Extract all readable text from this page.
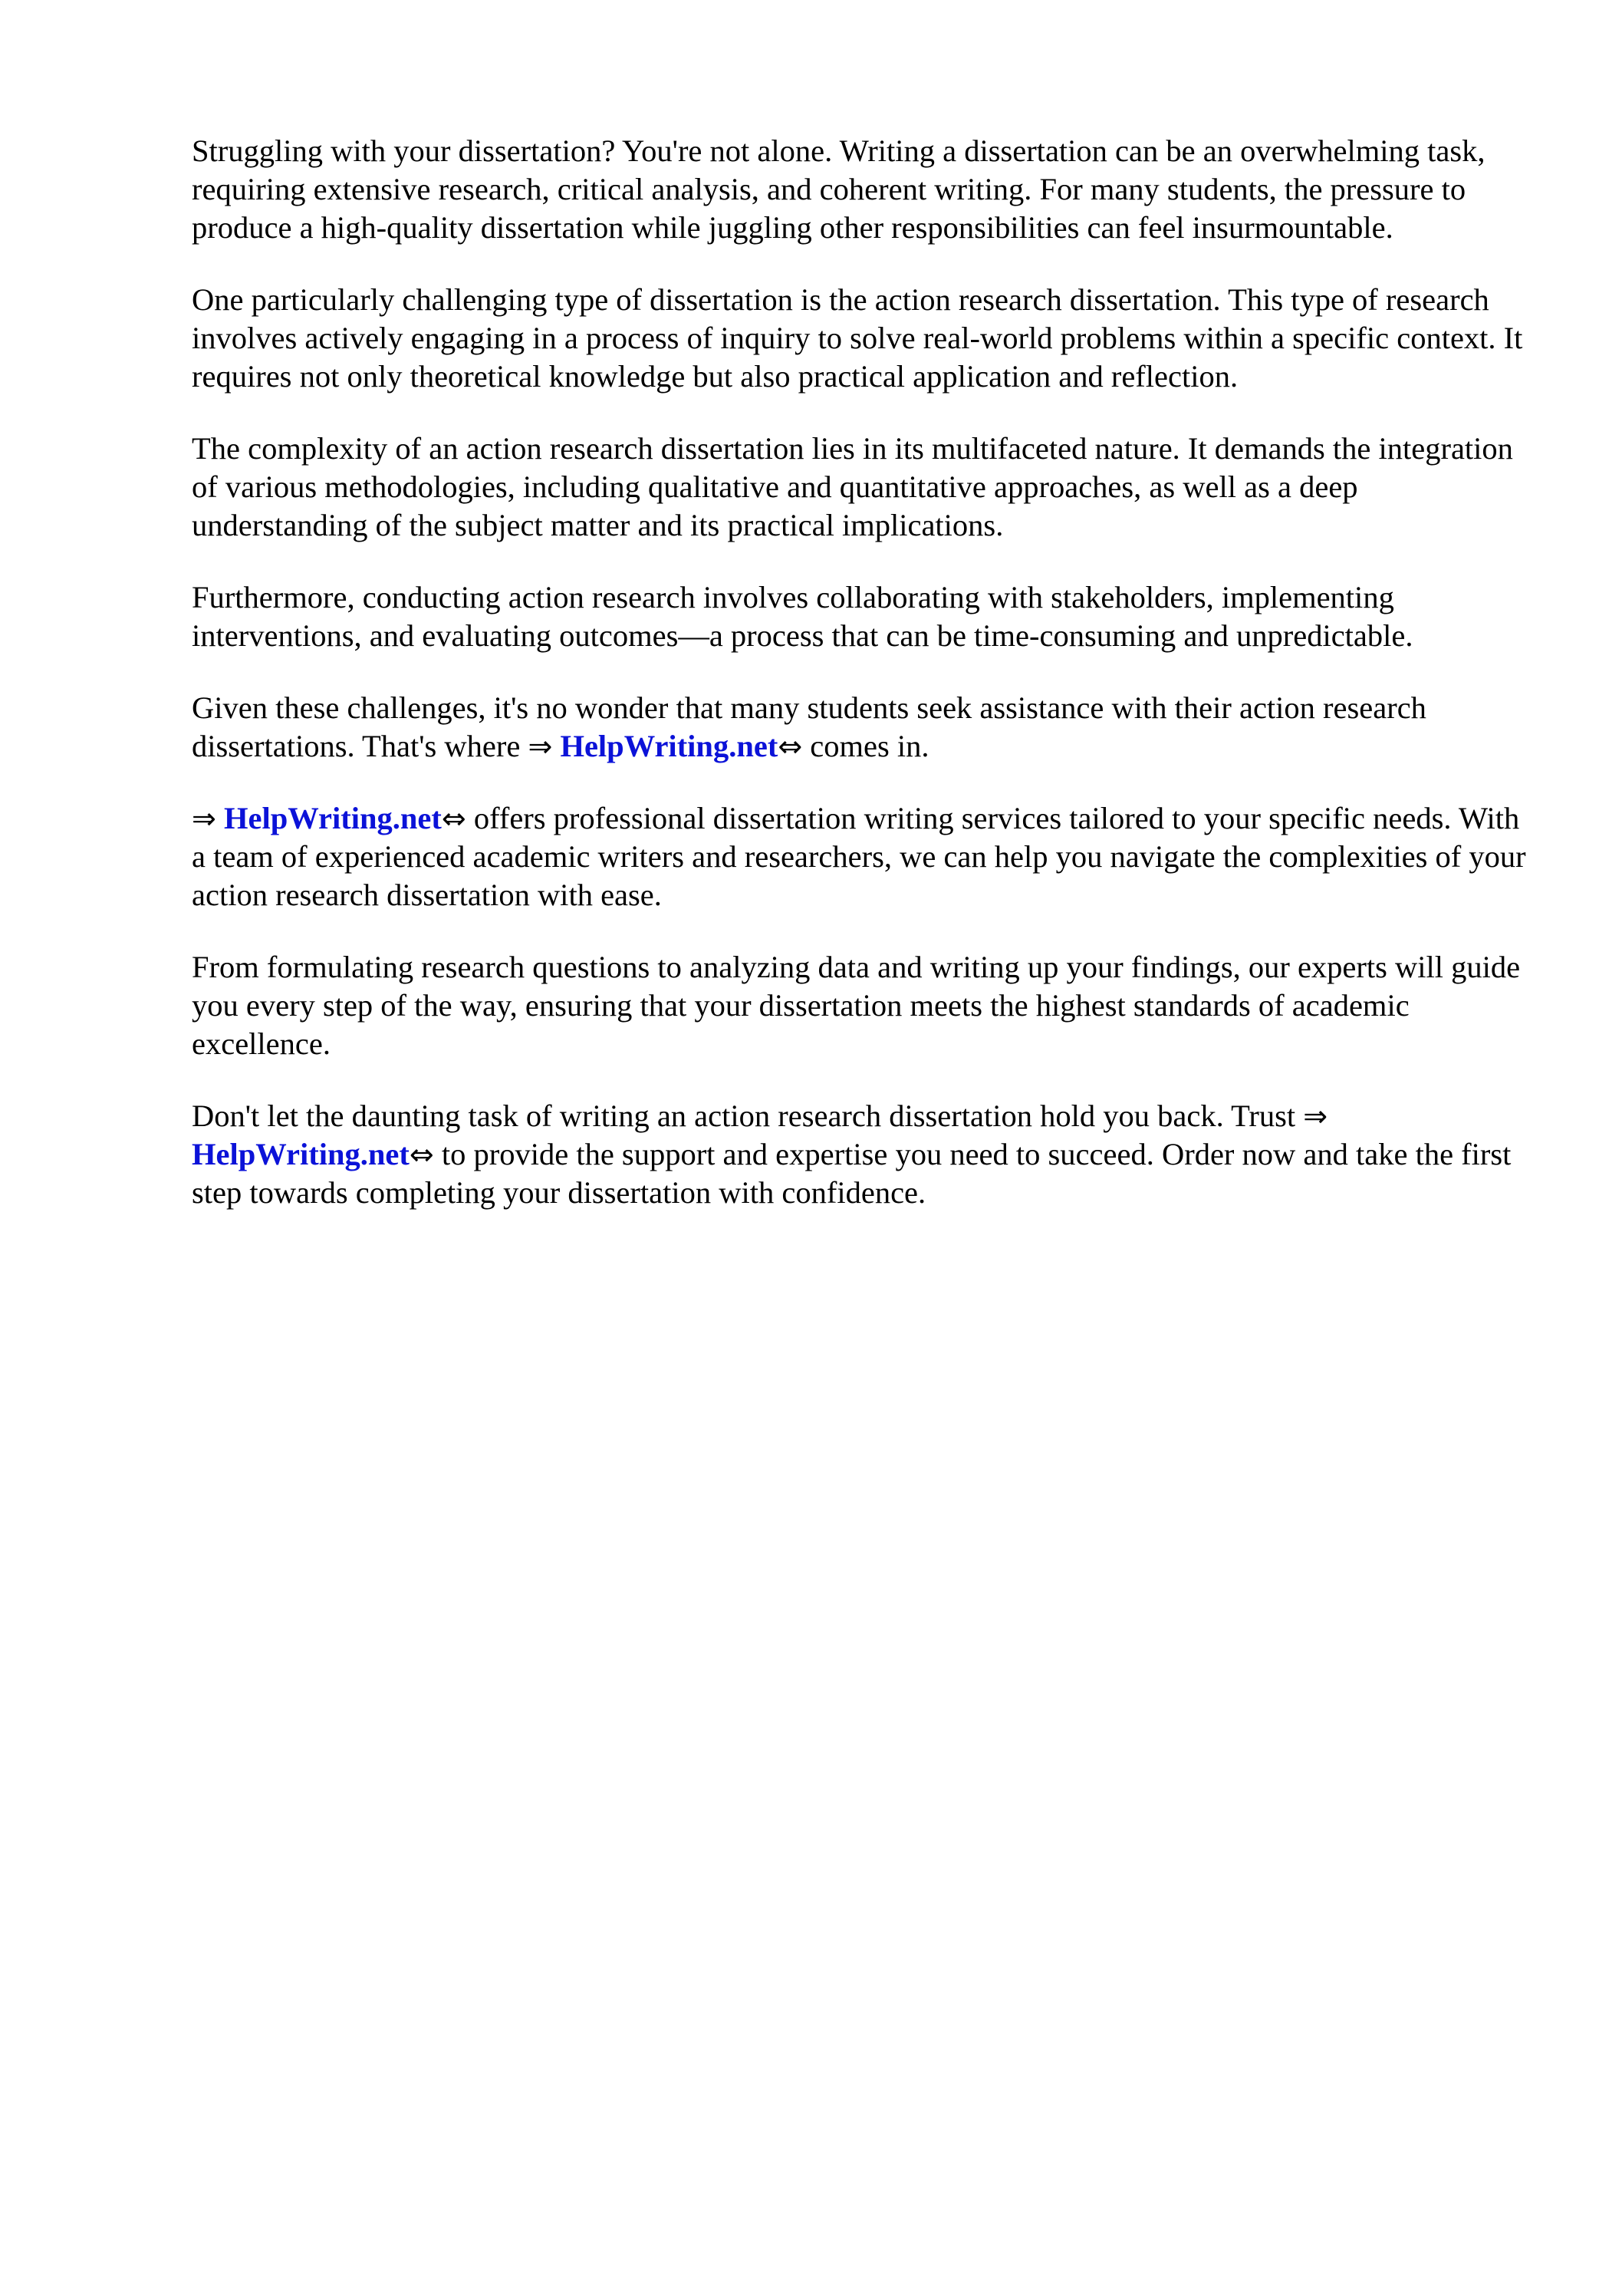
Struggling with your dissertation? You're not alone. Writing a dissertation can be an overwhelming task, requiring extensive research, critical analysis, and coherent writing. For many students, the pressure to produce a high-quality dissertation while juggling other responsibilities can feel insurmountable.

One particularly challenging type of dissertation is the action research dissertation. This type of research involves actively engaging in a process of inquiry to solve real-world problems within a specific context. It requires not only theoretical knowledge but also practical application and reflection.

The complexity of an action research dissertation lies in its multifaceted nature. It demands the integration of various methodologies, including qualitative and quantitative approaches, as well as a deep understanding of the subject matter and its practical implications.

Furthermore, conducting action research involves collaborating with stakeholders, implementing interventions, and evaluating outcomes—a process that can be time-consuming and unpredictable.

Given these challenges, it's no wonder that many students seek assistance with their action research dissertations. That's where ⇒ HelpWriting.net⇔ comes in.

⇒ HelpWriting.net⇔ offers professional dissertation writing services tailored to your specific needs. With a team of experienced academic writers and researchers, we can help you navigate the complexities of your action research dissertation with ease.

From formulating research questions to analyzing data and writing up your findings, our experts will guide you every step of the way, ensuring that your dissertation meets the highest standards of academic excellence.

Don't let the daunting task of writing an action research dissertation hold you back. Trust ⇒ HelpWriting.net⇔ to provide the support and expertise you need to succeed. Order now and take the first step towards completing your dissertation with confidence.
